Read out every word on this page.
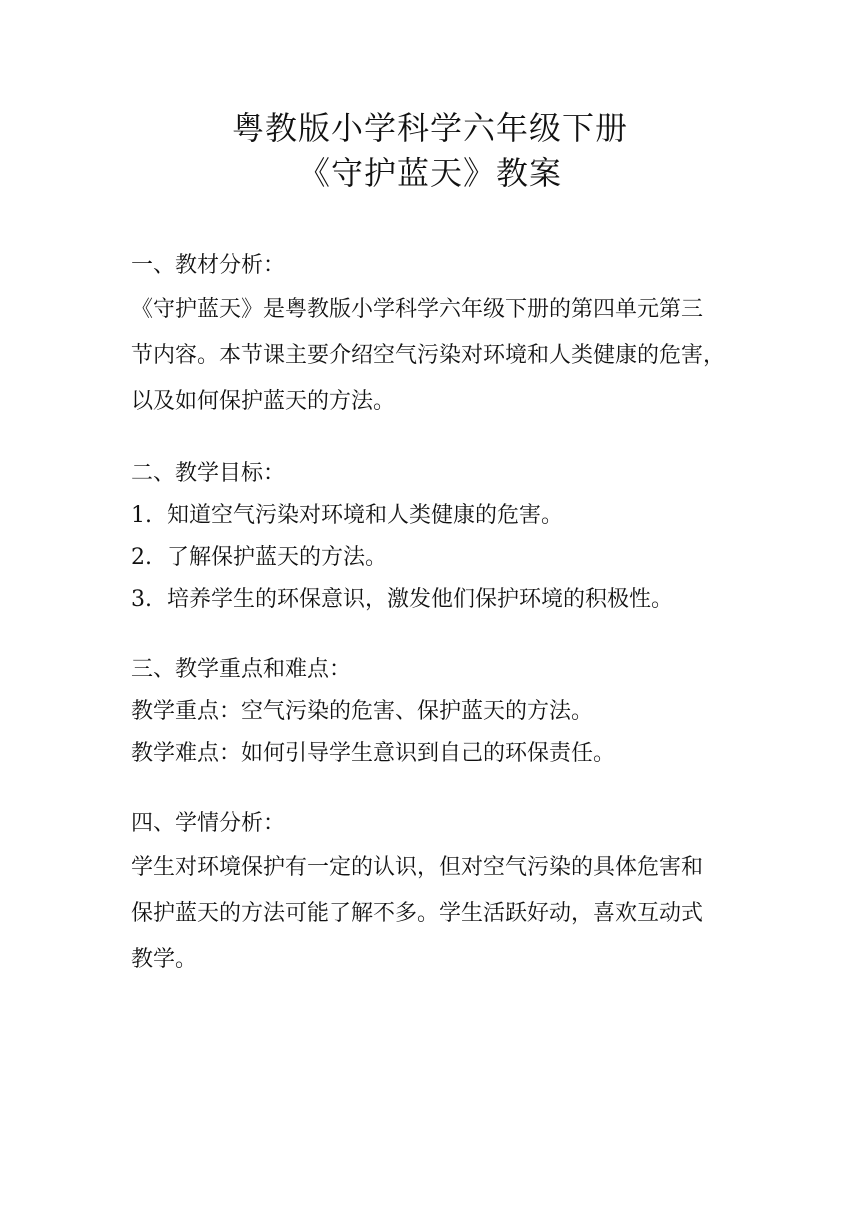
粤教版小学科学六年级下册
《守护蓝天》教案
一、教材分析：
《守护蓝天》是粤教版小学科学六年级下册的第四单元第三
节内容。本节课主要介绍空气污染对环境和人类健康的危害，
以及如何保护蓝天的方法。
二、教学目标：
1. 知道空气污染对环境和人类健康的危害。
2. 了解保护蓝天的方法。
3. 培养学生的环保意识，激发他们保护环境的积极性。
三、教学重点和难点：
教学重点：空气污染的危害、保护蓝天的方法。
教学难点：如何引导学生意识到自己的环保责任。
四、学情分析：
学生对环境保护有一定的认识，但对空气污染的具体危害和
保护蓝天的方法可能了解不多。学生活跃好动，喜欢互动式
教学。
